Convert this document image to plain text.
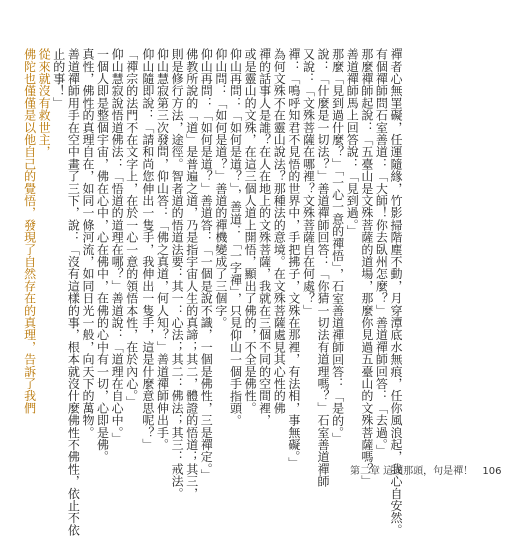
禪者心無罣礙，任運隨緣，竹影掃階塵不動，月穿潭底水無痕，任你風浪起，我心自安然。
有個禪師問石室善道：「大師！你去臥州怎麼？」善道禪師回答：「去過。」
那麼禪師起說：「五臺山是文殊菩薩的道場，那麼你見過五臺山的文殊菩薩嗎？」
善道禪師馬上回答說：「見到過。」
那麼「見到過什麼？」「一心一意的禪悟」，石室善道禪師回答：「是的。」
說：「什麼是一切法？」善道禪師回答：「你猜一切法有道理嗎？」石室善道禪師
又說：「文殊菩薩在哪裡？文殊菩薩自在何處？」
禪：「鳴呼知君不見悟的世界中，手把拂子，文殊在那裡，有法相，事無礙。」
為何文殊不在靈山說法？那種法的意境。在文殊菩薩處見其心性的佛
禪的話事人是誰？在人在地上的文殊菩薩，我就在三個不同的空間裡，
或是靈山的文殊，在這三個人道上開悟，顯出了佛的，不全是佛性。
仰山再問：「如何是道？」，善道：「一字禪」，只見仰山一個手指頭。
仰山問：「如何是道？」善道的禪機變成了三個字。
仰山再問：「如何是道？」善道答：「一個是說不識，一個是佛性，三是禪定。」
佛教所說的「道」是普遍之道，乃是指宇宙人生的真諦；其二，體證的悟道；其三，
則是修行方法，途徑。智者道的悟道法要：其一：心法；其二：佛法；其三：戒法。
仰山慧寂第三次發問，仰山答：「佛之真道，何人知？」善道禪師伸出手。
仰山隨即說：「請和尚您伸出一隻手，我伸出一隻手，這是什麼意思呢？」
「禪宗的法門不在文字上，在於一心一意的領悟本性，在於內心。」
仰山慧寂說悟道佛法：「悟道的道理在哪？」善道說：「道理在自心中。」
一個人即是整個宇宙，佛在心中，心在佛中，在佛的心中有一切，心即是佛。
真性，佛性的真理自在，如同一條河流，如同日光一般，向天下的萬物。
善道禪師用手在空中畫了三下，說：「沒有這樣的事，根本就沒什麼佛性不佛性，依止不依
止的事！」
從來就沒有救世主，
佛陀也僅僅是以他自己的覺悟，發現了自然存在的真理，告訴了我們
第二章 這頭那頭，句是禪！ 106
